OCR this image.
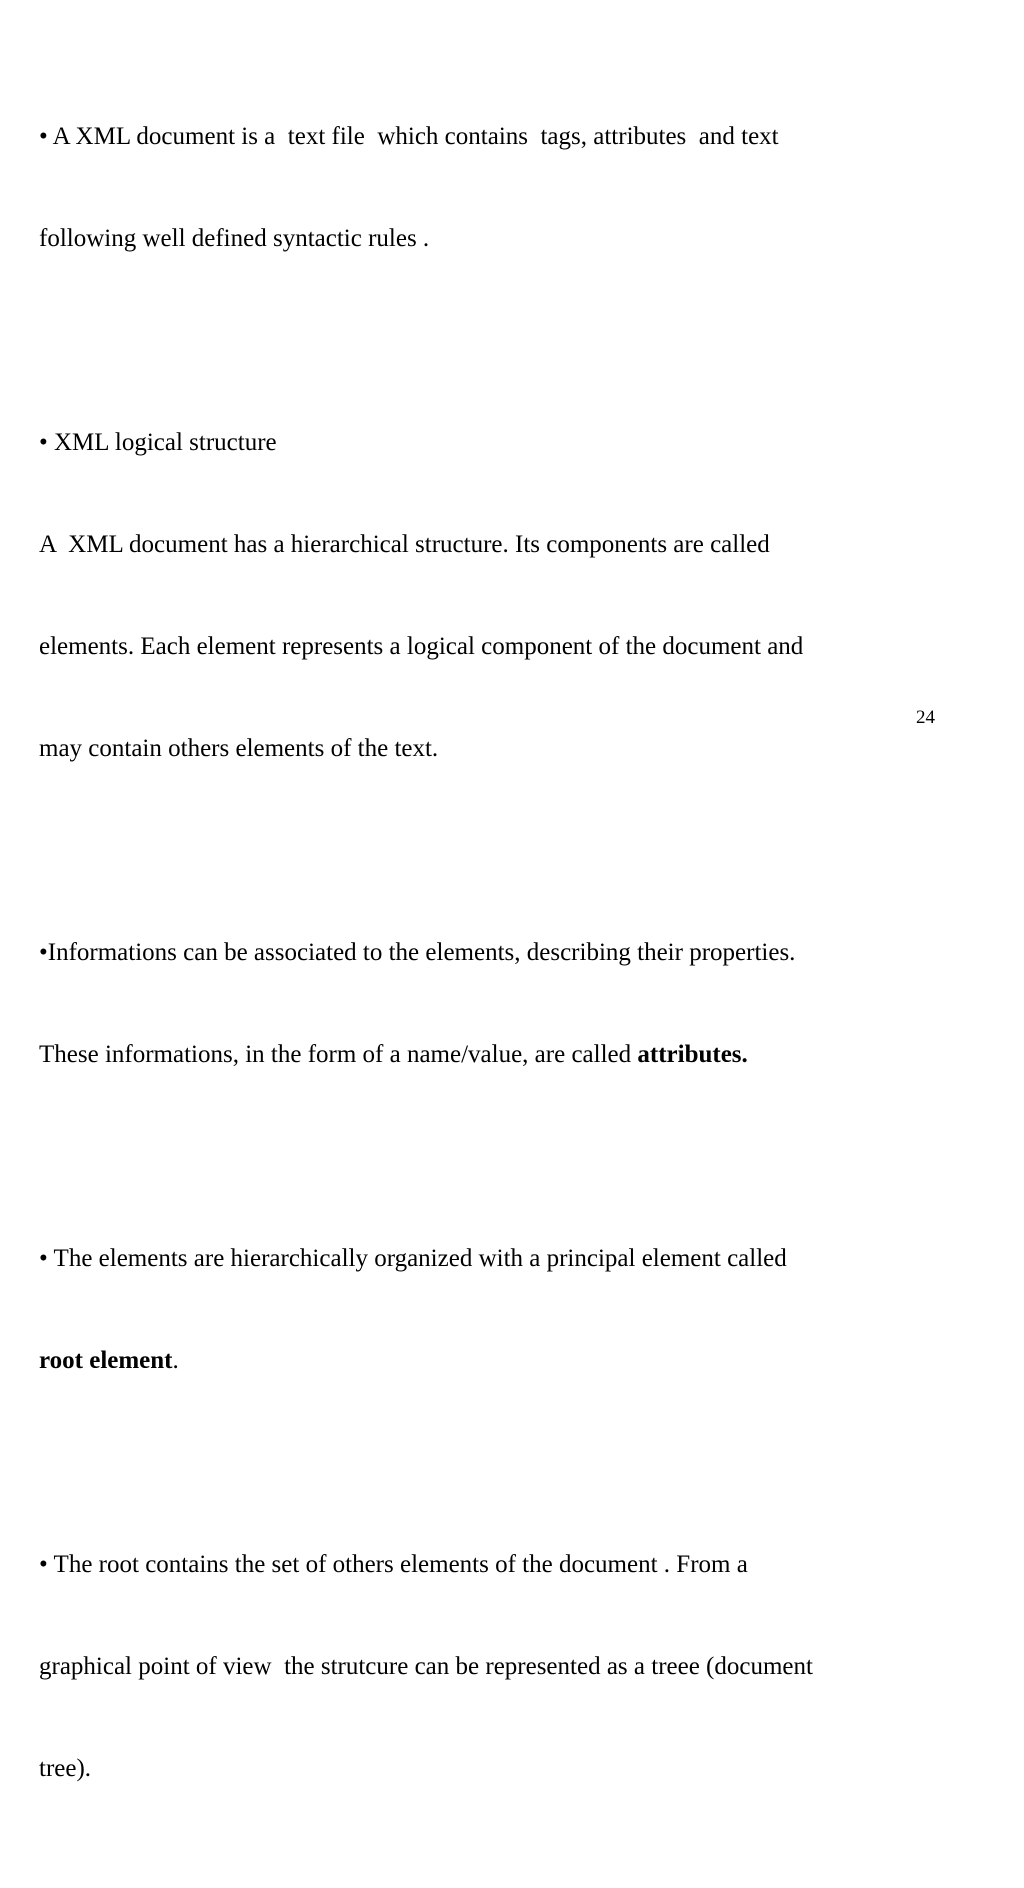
• A XML document is a  text file  which contains  tags, attributes  and text

following well defined syntactic rules .

• XML logical structure

A  XML document has a hierarchical structure. Its components are called

elements. Each element represents a logical component of the document and

may contain others elements of the text.

•Informations can be associated to the elements, describing their properties.

These informations, in the form of a name/value, are called attributes.

• The elements are hierarchically organized with a principal element called

root element.

• The root contains the set of others elements of the document . From a

graphical point of view  the strutcure can be represented as a treee (document

tree).

24
